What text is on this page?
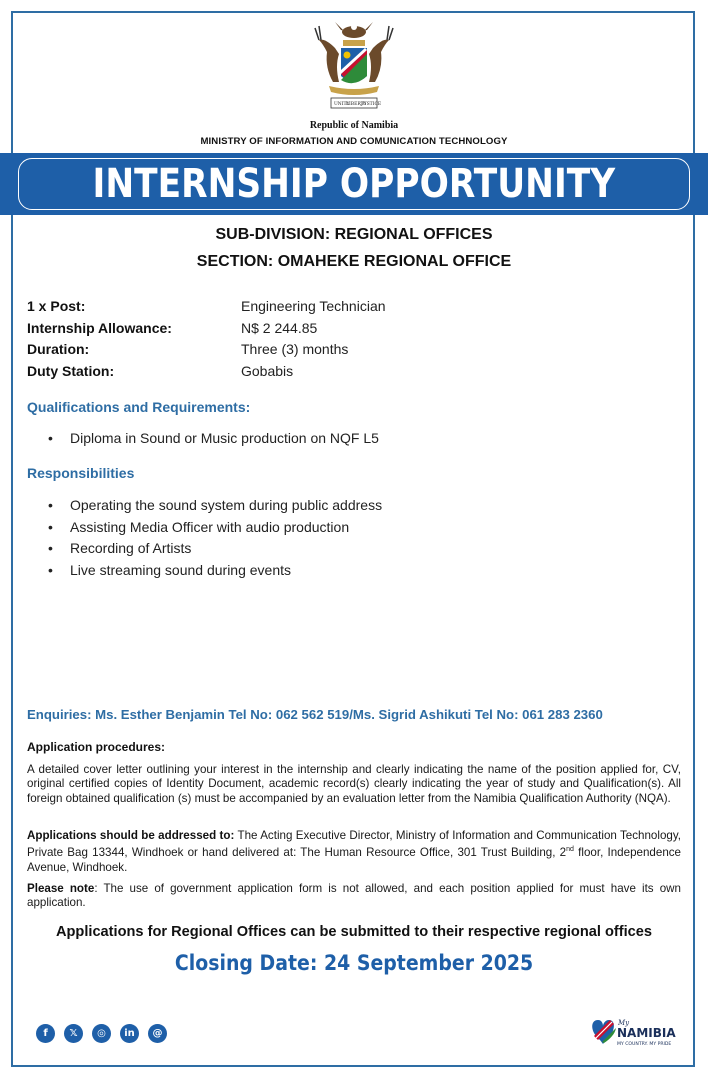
UNITY
LIBERTY
JUSTICE
Republic of Namibia
MINISTRY OF INFORMATION AND COMUNICATION TECHNOLOGY
INTERNSHIP OPPORTUNITY
SUB-DIVISION: REGIONAL OFFICES
SECTION: OMAHEKE REGIONAL OFFICE
1 x Post:	Engineering Technician
Internship Allowance:	N$ 2 244.85
Duration:	Three (3) months
Duty Station:	Gobabis
Qualifications and Requirements:
•	Diploma in Sound or Music production on NQF L5
Responsibilities
•	Operating the sound system during public address
•	Assisting Media Officer with audio production
•	Recording of Artists
•	Live streaming sound during events
Enquiries: Ms. Esther Benjamin Tel No: 062 562 519/Ms. Sigrid Ashikuti Tel No: 061 283 2360
Application procedures:
A detailed cover letter outlining your interest in the internship and clearly indicating the name of the position applied for, CV, original certified copies of Identity Document, academic record(s) clearly indicating the year of study and Qualification(s). All foreign obtained qualification (s) must be accompanied by an evaluation letter from the Namibia Qualification Authority (NQA).
Applications should be addressed to: The Acting Executive Director, Ministry of Information and Communication Technology, Private Bag 13344, Windhoek or hand delivered at: The Human Resource Office, 301 Trust Building, 2nd floor, Independence Avenue, Windhoek.
Please note: The use of government application form is not allowed, and each position applied for must have its own application.
Applications for Regional Offices can be submitted to their respective regional offices
Closing Date: 24 September 2025
f	𝕏	◎	in	@
My
NAMIBIA
MY COUNTRY. MY PRIDE
